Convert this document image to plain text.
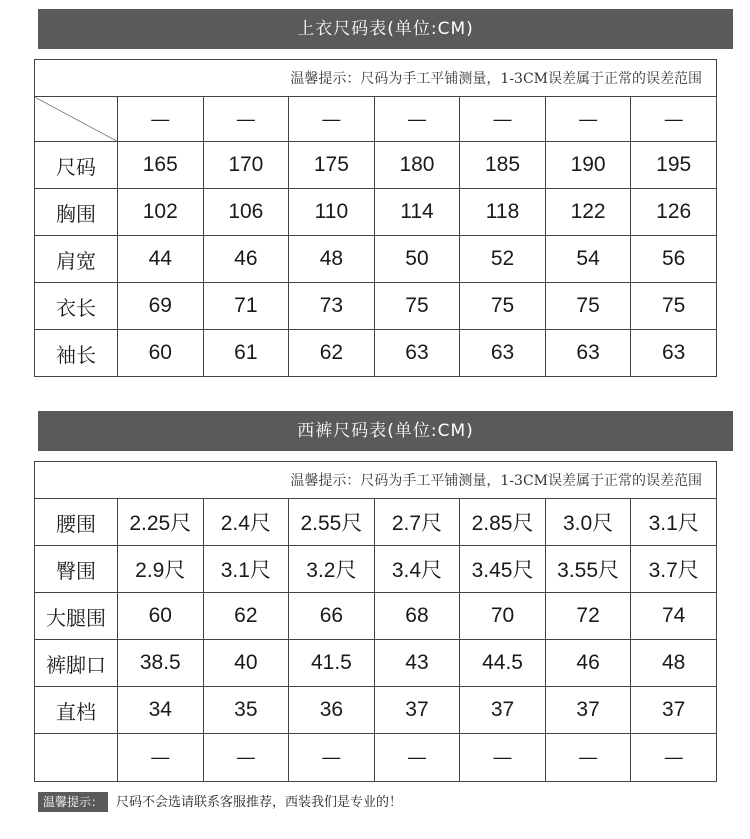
上衣尺码表(单位:CM)
温馨提示：尺码为手工平铺测量，1-3CM误差属于正常的误差范围							
	—	—	—	—	—	—	—
尺码	165	170	175	180	185	190	195
胸围	102	106	110	114	118	122	126
肩宽	44	46	48	50	52	54	56
衣长	69	71	73	75	75	75	75
袖长	60	61	62	63	63	63	63
西裤尺码表(单位:CM)
温馨提示：尺码为手工平铺测量，1-3CM误差属于正常的误差范围							
腰围	2.25尺	2.4尺	2.55尺	2.7尺	2.85尺	3.0尺	3.1尺
臀围	2.9尺	3.1尺	3.2尺	3.4尺	3.45尺	3.55尺	3.7尺
大腿围	60	62	66	68	70	72	74
裤脚口	38.5	40	41.5	43	44.5	46	48
直档	34	35	36	37	37	37	37
	—	—	—	—	—	—	—
温馨提示： 尺码不会选请联系客服推荐，西装我们是专业的！
